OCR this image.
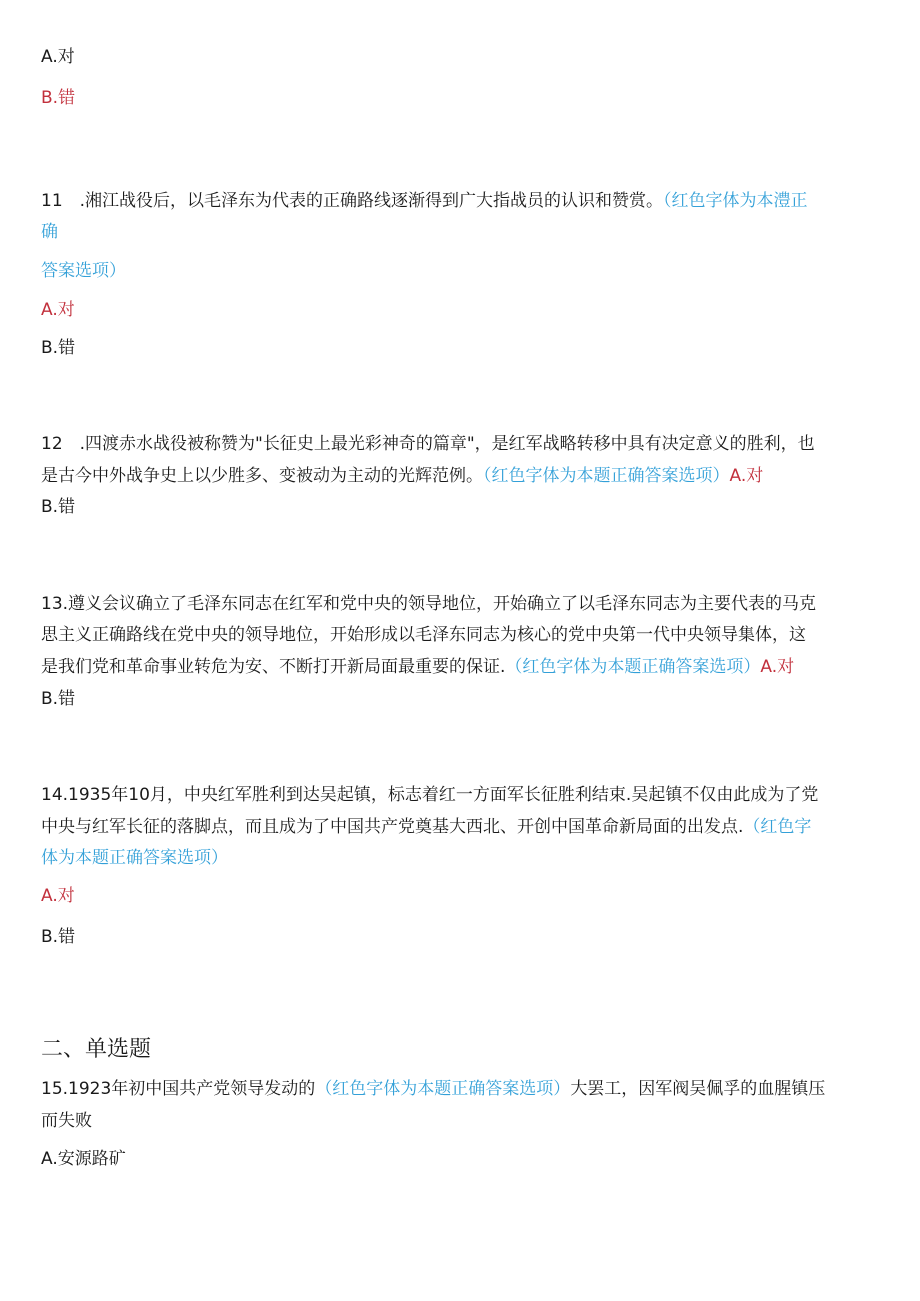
A.对
B.错
11　.湘江战役后，以毛泽东为代表的正确路线逐渐得到广大指战员的认识和赞赏。（红色字体为本澧正
确
答案选项）
A.对
B.错
12　.四渡赤水战役被称赞为"长征史上最光彩神奇的篇章"，是红军战略转移中具有决定意义的胜利，也
是古今中外战争史上以少胜多、变被动为主动的光辉范例。（红色字体为本题正确答案选项）A.对
B.错
13.遵义会议确立了毛泽东同志在红军和党中央的领导地位，开始确立了以毛泽东同志为主要代表的马克
思主义正确路线在党中央的领导地位，开始形成以毛泽东同志为核心的党中央第一代中央领导集体，这
是我们党和革命事业转危为安、不断打开新局面最重要的保证.（红色字体为本题正确答案选项）A.对
B.错
14.1935年10月，中央红军胜利到达吴起镇，标志着红一方面军长征胜利结束.吴起镇不仅由此成为了党
中央与红军长征的落脚点，而且成为了中国共产党奠基大西北、开创中国革命新局面的出发点.（红色字
体为本题正确答案选项）
A.对
B.错
二、单选题
15.1923年初中国共产党领导发动的（红色字体为本题正确答案选项）大罢工，因军阀吴佩孚的血腥镇压
而失败
A.安源路矿
